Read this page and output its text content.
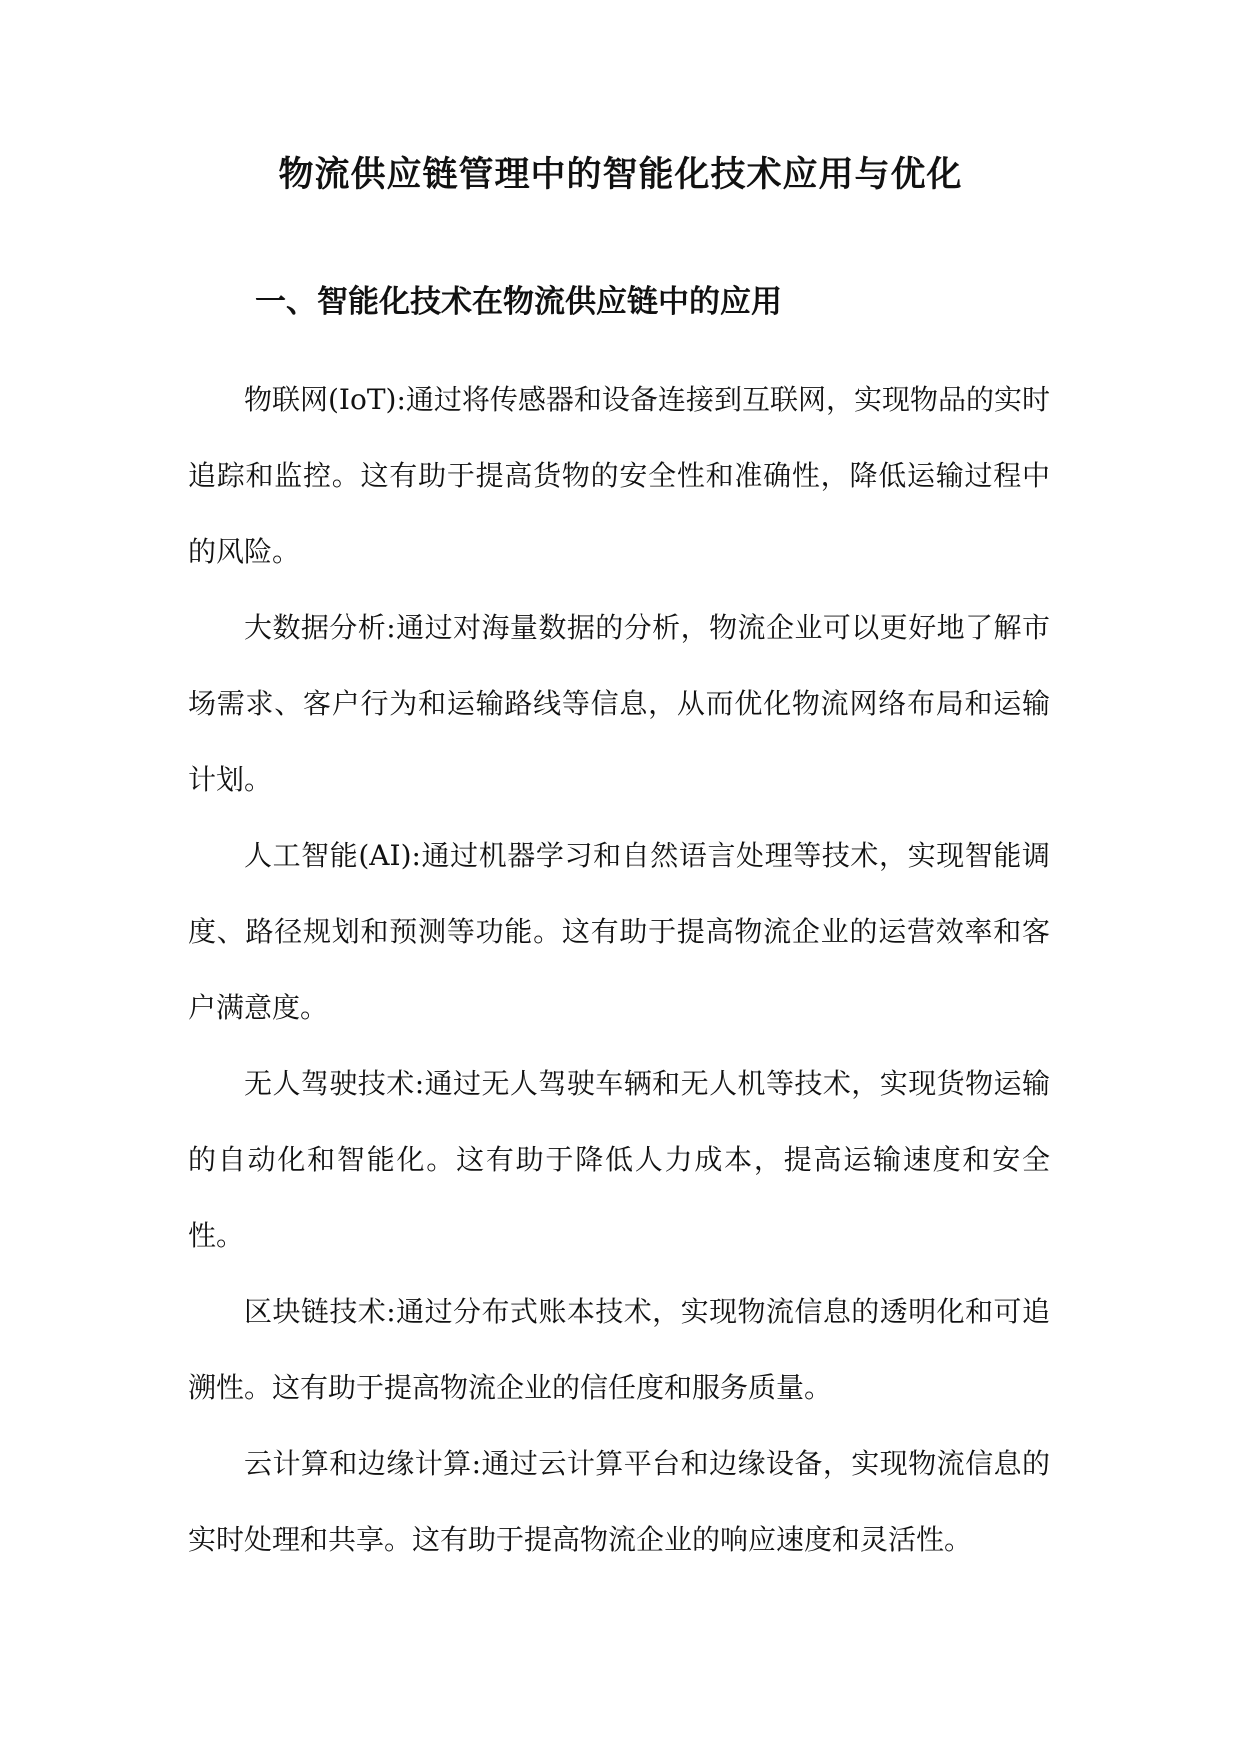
物流供应链管理中的智能化技术应用与优化
一、智能化技术在物流供应链中的应用

物联网(IoT):通过将传感器和设备连接到互联网，实现物品的实时追踪和监控。这有助于提高货物的安全性和准确性，降低运输过程中的风险。

大数据分析:通过对海量数据的分析，物流企业可以更好地了解市场需求、客户行为和运输路线等信息，从而优化物流网络布局和运输计划。

人工智能(AI):通过机器学习和自然语言处理等技术，实现智能调度、路径规划和预测等功能。这有助于提高物流企业的运营效率和客户满意度。

无人驾驶技术:通过无人驾驶车辆和无人机等技术，实现货物运输的自动化和智能化。这有助于降低人力成本，提高运输速度和安全性。

区块链技术:通过分布式账本技术，实现物流信息的透明化和可追溯性。这有助于提高物流企业的信任度和服务质量。

云计算和边缘计算:通过云计算平台和边缘设备，实现物流信息的实时处理和共享。这有助于提高物流企业的响应速度和灵活性。
